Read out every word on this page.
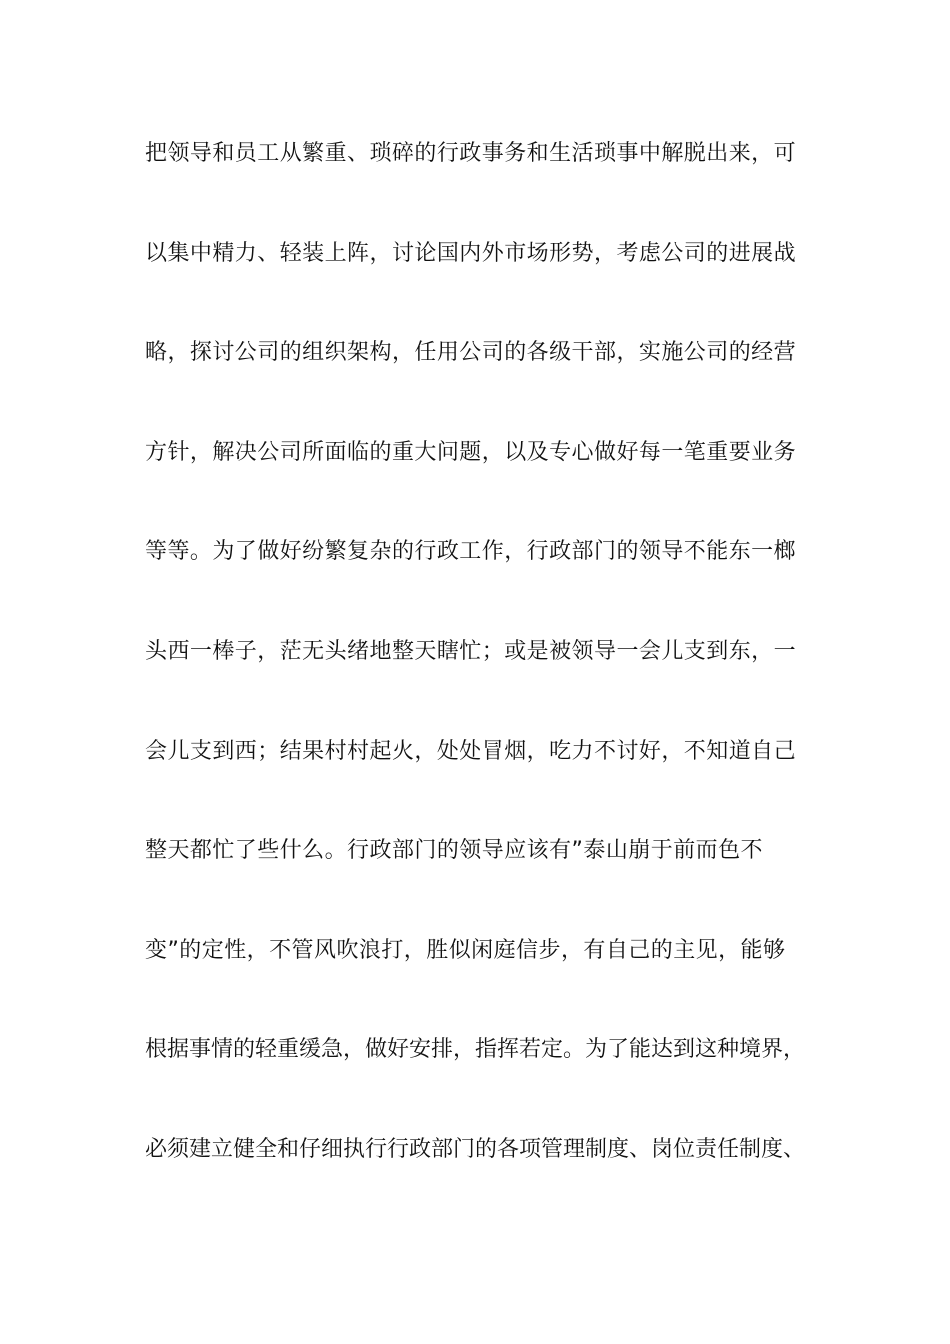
把领导和员工从繁重、琐碎的行政事务和生活琐事中解脱出来，可

以集中精力、轻装上阵，讨论国内外市场形势，考虑公司的进展战

略，探讨公司的组织架构，任用公司的各级干部，实施公司的经营

方针，解决公司所面临的重大问题，以及专心做好每一笔重要业务

等等。为了做好纷繁复杂的行政工作，行政部门的领导不能东一榔

头西一棒子，茫无头绪地整天瞎忙；或是被领导一会儿支到东，一

会儿支到西；结果村村起火，处处冒烟，吃力不讨好，不知道自己

整天都忙了些什么。行政部门的领导应该有”泰山崩于前而色不

变”的定性，不管风吹浪打，胜似闲庭信步，有自己的主见，能够

根据事情的轻重缓急，做好安排，指挥若定。为了能达到这种境界，

必须建立健全和仔细执行行政部门的各项管理制度、岗位责任制度、
